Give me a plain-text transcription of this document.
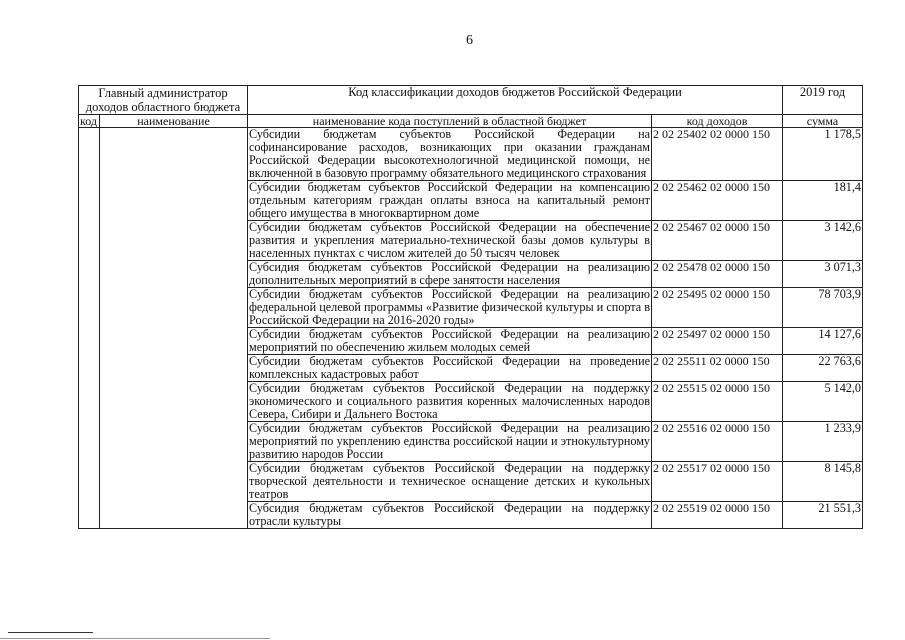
6
Главный администратор доходов областного бюджета		Код классификации доходов бюджетов Российской Федерации		2019 год
код	наименование	наименование кода поступлений в областной бюджет	код доходов	сумма
		Субсидии бюджетам субъектов Российской Федерации на софинансирование расходов, возникающих при оказании гражданам Российской Федерации высокотехнологичной медицинской помощи, не включенной в базовую программу обязательного медицинского страхования	2 02 25402 02 0000 150	1 178,5
		Субсидии бюджетам субъектов Российской Федерации на компенсацию отдельным категориям граждан оплаты взноса на капитальный ремонт общего имущества в многоквартирном доме	2 02 25462 02 0000 150	181,4
		Субсидии бюджетам субъектов Российской Федерации на обеспечение развития и укрепления материально-технической базы домов культуры в населенных пунктах с числом жителей до 50 тысяч человек	2 02 25467 02 0000 150	3 142,6
		Субсидия бюджетам субъектов Российской Федерации на реализацию дополнительных мероприятий в сфере занятости населения	2 02 25478 02 0000 150	3 071,3
		Субсидии бюджетам субъектов Российской Федерации на реализацию федеральной целевой программы «Развитие физической культуры и спорта в Российской Федерации на 2016-2020 годы»	2 02 25495 02 0000 150	78 703,9
		Субсидии бюджетам субъектов Российской Федерации на реализацию мероприятий по обеспечению жильем молодых семей	2 02 25497 02 0000 150	14 127,6
		Субсидии бюджетам субъектов Российской Федерации на проведение комплексных кадастровых работ	2 02 25511 02 0000 150	22 763,6
		Субсидии бюджетам субъектов Российской Федерации на поддержку экономического и социального развития коренных малочисленных народов Севера, Сибири и Дальнего Востока	2 02 25515 02 0000 150	5 142,0
		Субсидии бюджетам субъектов Российской Федерации на реализацию мероприятий по укреплению единства российской нации и этнокультурному развитию народов России	2 02 25516 02 0000 150	1 233,9
		Субсидии бюджетам субъектов Российской Федерации на поддержку творческой деятельности и техническое оснащение детских и кукольных театров	2 02 25517 02 0000 150	8 145,8
		Субсидия бюджетам субъектов Российской Федерации на поддержку отрасли культуры	2 02 25519 02 0000 150	21 551,3
